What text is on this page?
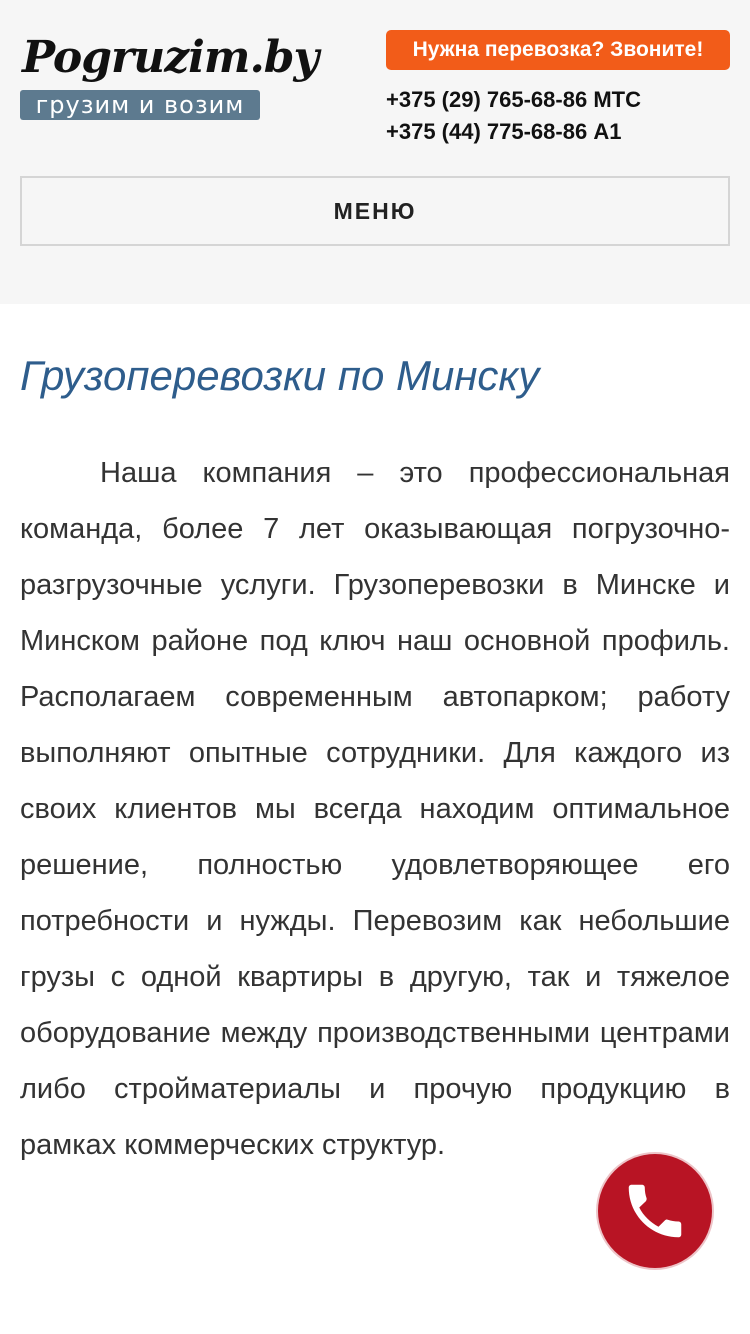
Pogruzim.by
грузим и возим
Нужна перевозка? Звоните!
+375 (29) 765-68-86 МТС
+375 (44) 775-68-86 А1
МЕНЮ
Грузоперевозки по Минску

Наша компания – это профессиональная команда, более 7 лет оказывающая погрузочно-разгрузочные услуги. Грузоперевозки в Минске и Минском районе под ключ наш основной профиль. Располагаем современным автопарком; работу выполняют опытные сотрудники. Для каждого из своих клиентов мы всегда находим оптимальное решение, полностью удовлетворяющее его потребности и нужды. Перевозим как небольшие грузы с одной квартиры в другую, так и тяжелое оборудование между производственными центрами либо стройматериалы и прочую продукцию в рамках коммерческих структур.
